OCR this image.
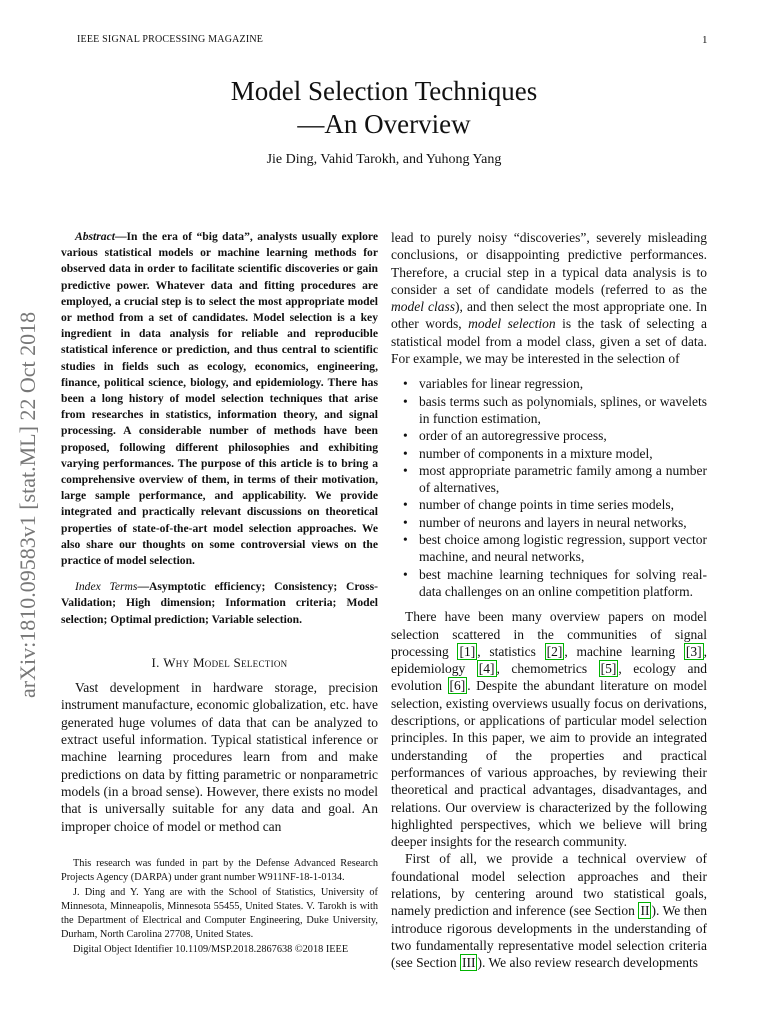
IEEE SIGNAL PROCESSING MAGAZINE	1
Model Selection Techniques
—An Overview
Jie Ding, Vahid Tarokh, and Yuhong Yang
arXiv:1810.09583v1 [stat.ML] 22 Oct 2018

Abstract—In the era of “big data”, analysts usually explore various statistical models or machine learning methods for observed data in order to facilitate scientific discoveries or gain predictive power. Whatever data and fitting procedures are employed, a crucial step is to select the most appropriate model or method from a set of candidates. Model selection is a key ingredient in data analysis for reliable and reproducible statistical inference or prediction, and thus central to scientific studies in fields such as ecology, economics, engineering, finance, political science, biology, and epidemiology. There has been a long history of model selection techniques that arise from researches in statistics, information theory, and signal processing. A considerable number of methods have been proposed, following different philosophies and exhibiting varying performances. The purpose of this article is to bring a comprehensive overview of them, in terms of their motivation, large sample performance, and applicability. We provide integrated and practically relevant discussions on theoretical properties of state-of-the-art model selection approaches. We also share our thoughts on some controversial views on the practice of model selection.

Index Terms—Asymptotic efficiency; Consistency; Cross-Validation; High dimension; Information criteria; Model selection; Optimal prediction; Variable selection.
I. Why Model Selection

Vast development in hardware storage, precision instrument manufacture, economic globalization, etc. have generated huge volumes of data that can be analyzed to extract useful information. Typical statistical inference or machine learning procedures learn from and make predictions on data by fitting parametric or nonparametric models (in a broad sense). However, there exists no model that is universally suitable for any data and goal. An improper choice of model or method can

This research was funded in part by the Defense Advanced Research Projects Agency (DARPA) under grant number W911NF-18-1-0134.

J. Ding and Y. Yang are with the School of Statistics, University of Minnesota, Minneapolis, Minnesota 55455, United States. V. Tarokh is with the Department of Electrical and Computer Engineering, Duke University, Durham, North Carolina 27708, United States.

Digital Object Identifier 10.1109/MSP.2018.2867638 ©2018 IEEE

lead to purely noisy “discoveries”, severely misleading conclusions, or disappointing predictive performances. Therefore, a crucial step in a typical data analysis is to consider a set of candidate models (referred to as the model class), and then select the most appropriate one. In other words, model selection is the task of selecting a statistical model from a model class, given a set of data. For example, we may be interested in the selection of

• variables for linear regression,
• basis terms such as polynomials, splines, or wavelets in function estimation,
• order of an autoregressive process,
• number of components in a mixture model,
• most appropriate parametric family among a number of alternatives,
• number of change points in time series models,
• number of neurons and layers in neural networks,
• best choice among logistic regression, support vector machine, and neural networks,
• best machine learning techniques for solving real-data challenges on an online competition platform.

There have been many overview papers on model selection scattered in the communities of signal processing [1] , statistics [2] , machine learning [3] , epidemiology [4] , chemometrics [5] , ecology and evolution [6] . Despite the abundant literature on model selection, existing overviews usually focus on derivations, descriptions, or applications of particular model selection principles. In this paper, we aim to provide an integrated understanding of the properties and practical performances of various approaches, by reviewing their theoretical and practical advantages, disadvantages, and relations. Our overview is characterized by the following highlighted perspectives, which we believe will bring deeper insights for the research community.

First of all, we provide a technical overview of foundational model selection approaches and their relations, by centering around two statistical goals, namely prediction and inference (see Section II ). We then introduce rigorous developments in the understanding of two fundamentally representative model selection criteria (see Section III ). We also review research developments
